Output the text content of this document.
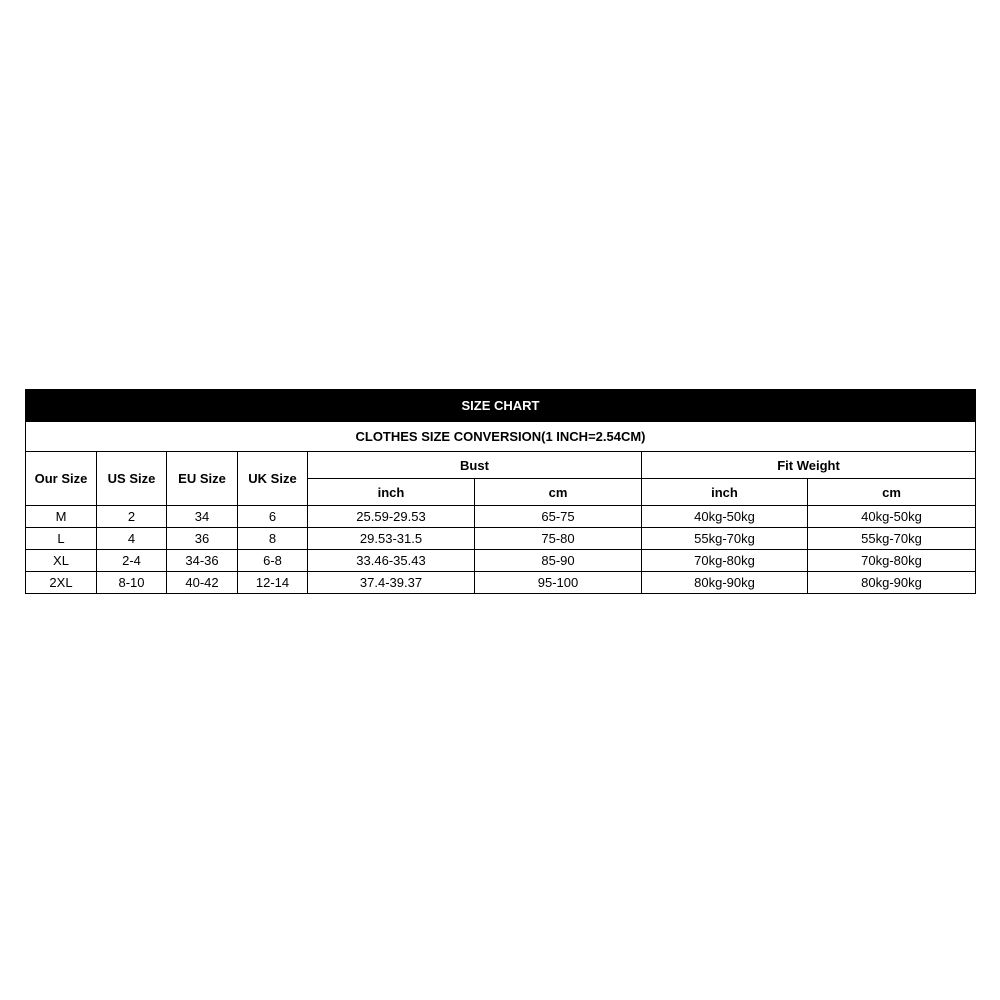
SIZE CHART							
CLOTHES SIZE CONVERSION(1 INCH=2.54CM)							
Our Size	US Size	EU Size	UK Size	Bust		Fit Weight	
				inch	cm	inch	cm
M	2	34	6	25.59-29.53	65-75	40kg-50kg	40kg-50kg
L	4	36	8	29.53-31.5	75-80	55kg-70kg	55kg-70kg
XL	2-4	34-36	6-8	33.46-35.43	85-90	70kg-80kg	70kg-80kg
2XL	8-10	40-42	12-14	37.4-39.37	95-100	80kg-90kg	80kg-90kg
